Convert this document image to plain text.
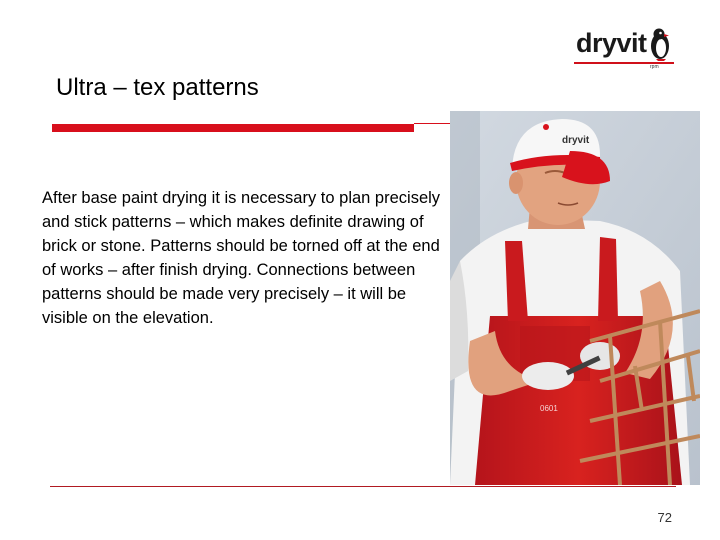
dryvit
rpm
Ultra – tex patterns

After base paint drying it is necessary to plan precisely and stick patterns – which makes definite drawing of brick or stone. Patterns should be torned off at the end of works – after finish drying. Connections between patterns should be made very precisely – it will be visible on the elevation.

dryvit
0601
72
